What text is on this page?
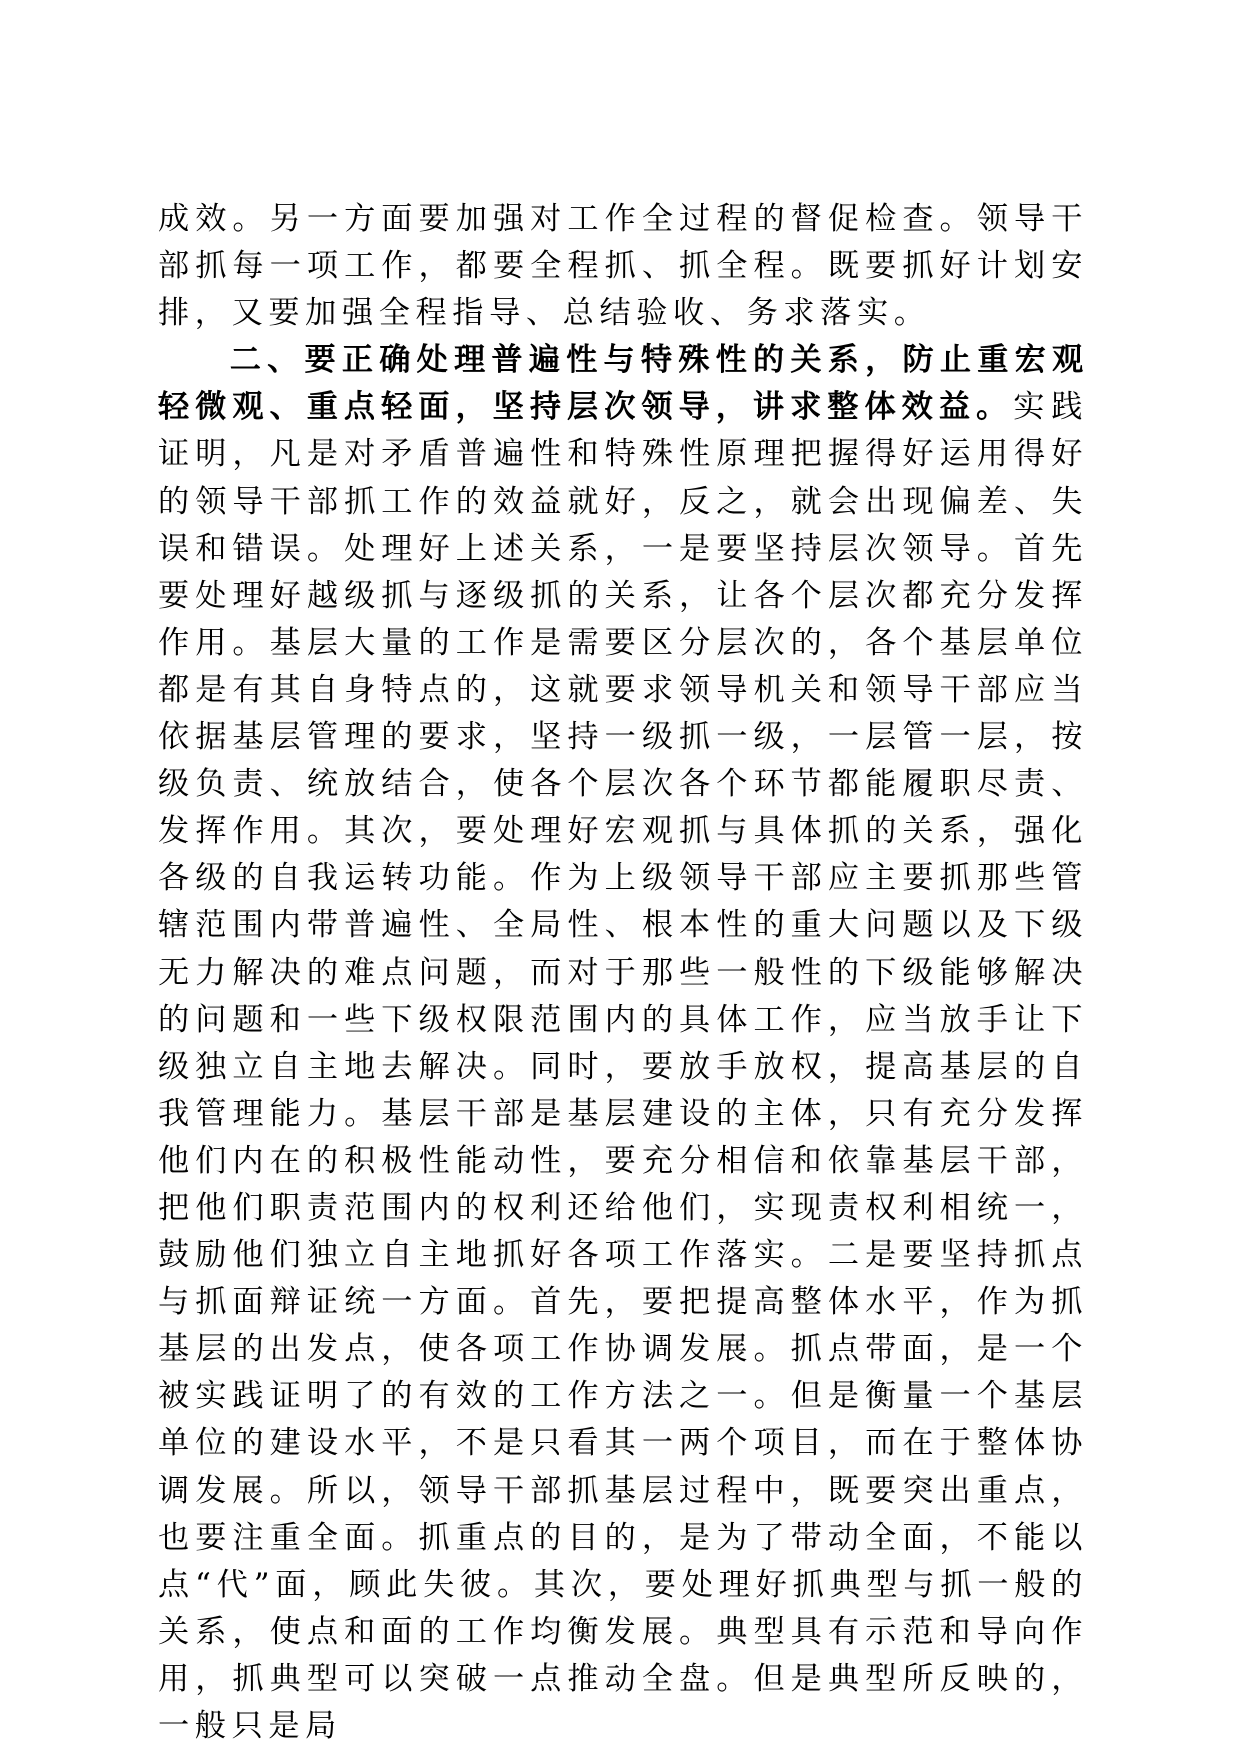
成效。另一方面要加强对工作全过程的督促检查。领导干部抓每一项工作，都要全程抓、抓全程。既要抓好计划安排，又要加强全程指导、总结验收、务求落实。

二、要正确处理普遍性与特殊性的关系，防止重宏观轻微观、重点轻面，坚持层次领导，讲求整体效益。实践证明，凡是对矛盾普遍性和特殊性原理把握得好运用得好的领导干部抓工作的效益就好，反之，就会出现偏差、失误和错误。处理好上述关系，一是要坚持层次领导。首先要处理好越级抓与逐级抓的关系，让各个层次都充分发挥作用。基层大量的工作是需要区分层次的，各个基层单位都是有其自身特点的，这就要求领导机关和领导干部应当依据基层管理的要求，坚持一级抓一级，一层管一层，按级负责、统放结合，使各个层次各个环节都能履职尽责、发挥作用。其次，要处理好宏观抓与具体抓的关系，强化各级的自我运转功能。作为上级领导干部应主要抓那些管辖范围内带普遍性、全局性、根本性的重大问题以及下级无力解决的难点问题，而对于那些一般性的下级能够解决的问题和一些下级权限范围内的具体工作，应当放手让下级独立自主地去解决。同时，要放手放权，提高基层的自我管理能力。基层干部是基层建设的主体，只有充分发挥他们内在的积极性能动性，要充分相信和依靠基层干部，把他们职责范围内的权利还给他们，实现责权利相统一，鼓励他们独立自主地抓好各项工作落实。二是要坚持抓点与抓面辩证统一方面。首先，要把提高整体水平，作为抓基层的出发点，使各项工作协调发展。抓点带面，是一个被实践证明了的有效的工作方法之一。但是衡量一个基层单位的建设水平，不是只看其一两个项目，而在于整体协调发展。所以，领导干部抓基层过程中，既要突出重点，也要注重全面。抓重点的目的，是为了带动全面，不能以点“代”面，顾此失彼。其次，要处理好抓典型与抓一般的关系，使点和面的工作均衡发展。典型具有示范和导向作用，抓典型可以突破一点推动全盘。但是典型所反映的，一般只是局
